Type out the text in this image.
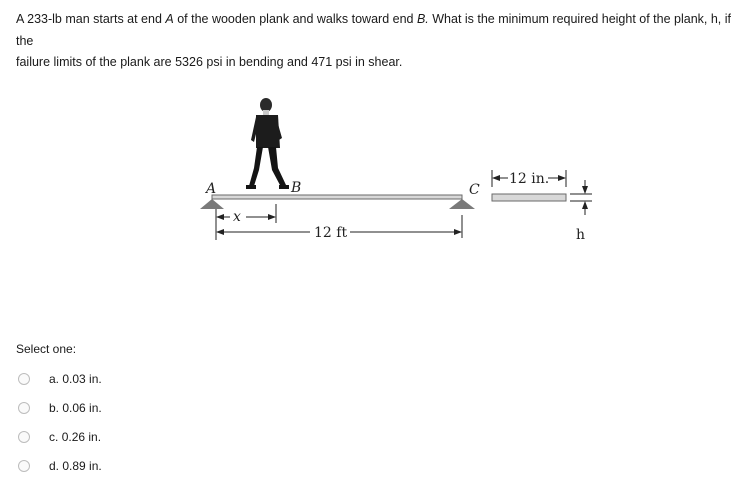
A 233-lb man starts at end A of the wooden plank and walks toward end B. What is the minimum required height of the plank, h, if the
failure limits of the plank are 5326 psi in bending and 471 psi in shear.
A	B	C
x
12 ft
12 in.
h
Select one:
a. 0.03 in.
b. 0.06 in.
c. 0.26 in.
d. 0.89 in.
